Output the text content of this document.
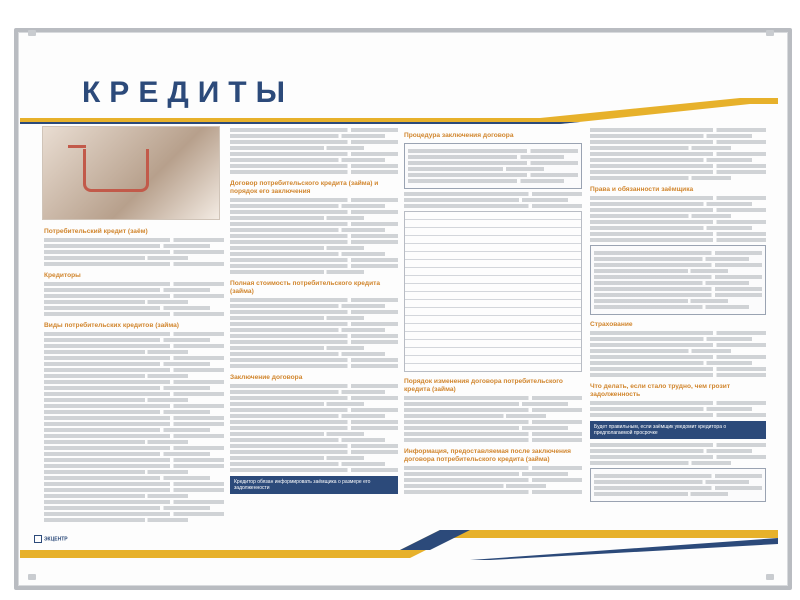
КРЕДИТЫ
Потребительский кредит (заём)
Кредиторы
Виды потребительских кредитов (займа)
Договор потребительского кредита (займа) и порядок его заключения
Полная стоимость потребительского кредита (займа)
Заключение договора
Кредитор обязан информировать заёмщика о размере его задолженности
Процедура заключения договора
Порядок изменения договора потребительского кредита (займа)
Информация, предоставляемая после заключения договора потребительского кредита (займа)
Права и обязанности заёмщика
Страхование
Что делать, если стало трудно, чем грозит задолженность
Будет правильным, если заёмщик уведомит кредитора о предполагаемой просрочке
ЭКЦЕНТР
